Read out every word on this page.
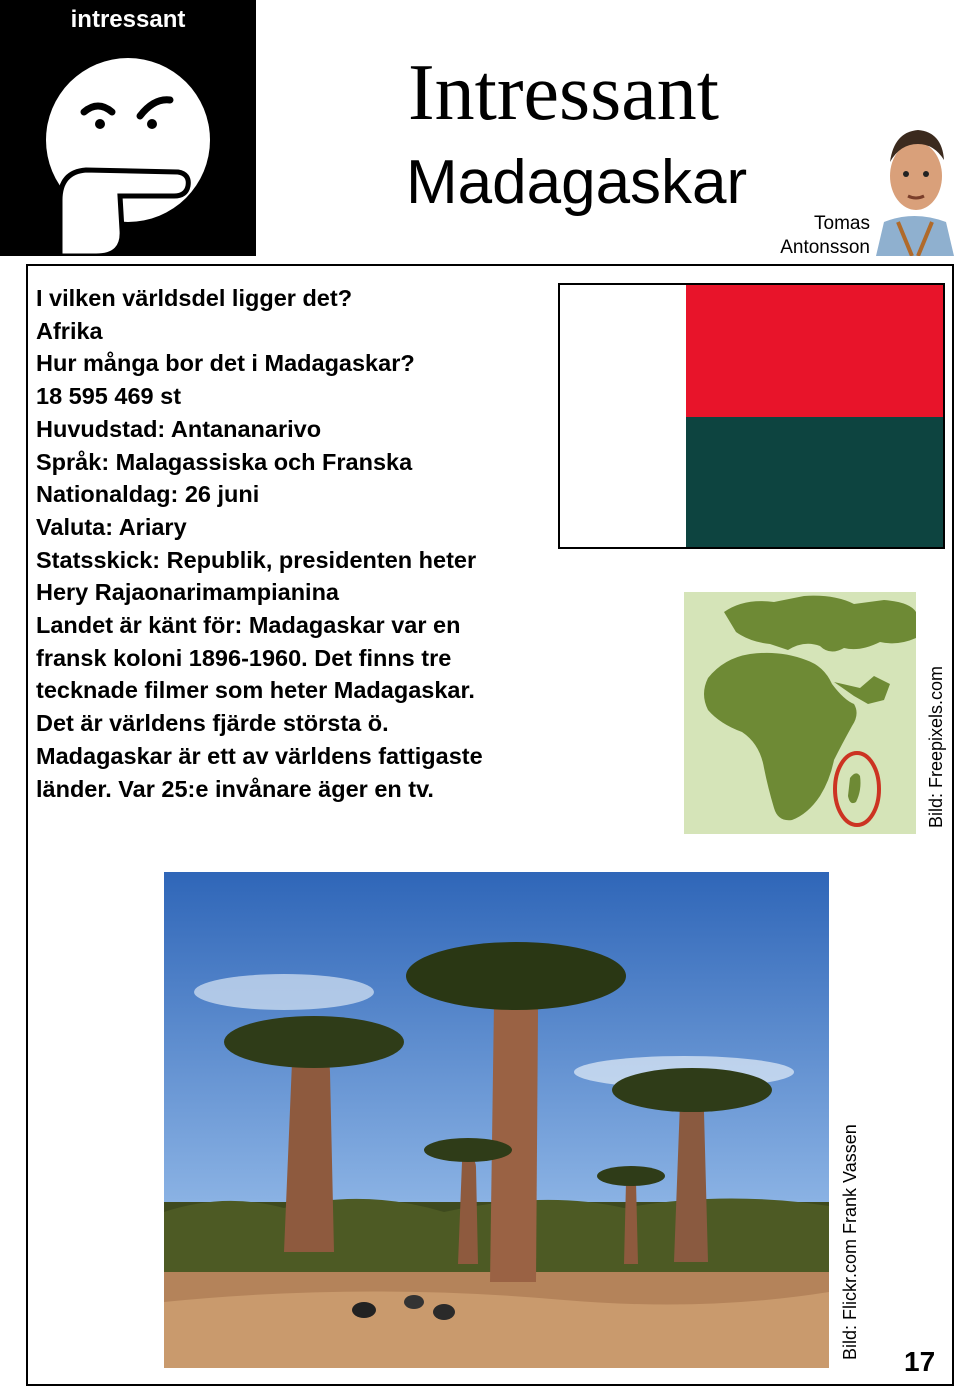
intressant
Intressant
Madagaskar
Tomas
Antonsson
I vilken världsdel ligger det?
Afrika
Hur många bor det i Madagaskar?
18 595 469 st
Huvudstad: Antananarivo
Språk: Malagassiska och Franska
Nationaldag: 26 juni
Valuta: Ariary
Statsskick: Republik, presidenten heter
Hery Rajaonarimampianina
Landet är känt för: Madagaskar var en
fransk koloni 1896-1960. Det finns tre
tecknade filmer som heter Madagaskar.
Det är världens fjärde största ö.
Madagaskar är ett av världens fattigaste
länder. Var 25:e invånare äger en tv.	Bild: Freepixels.com
Bild: Flickr.com Frank Vassen
17
